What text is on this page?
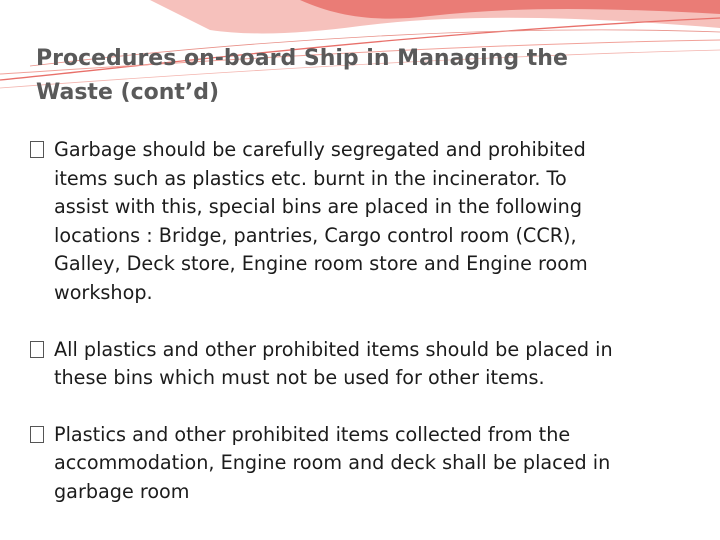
Procedures on-board Ship in Managing the
Waste (cont’d)
Garbage should be carefully segregated and prohibited
items such as plastics etc. burnt in the incinerator. To
assist with this, special bins are placed in the following
locations : Bridge, pantries, Cargo control room (CCR),
Galley, Deck store, Engine room store and Engine room
workshop.
All plastics and other prohibited items should be placed in
these bins which must not be used for other items.
Plastics and other prohibited items collected from the
accommodation, Engine room and deck shall be placed in
garbage room
